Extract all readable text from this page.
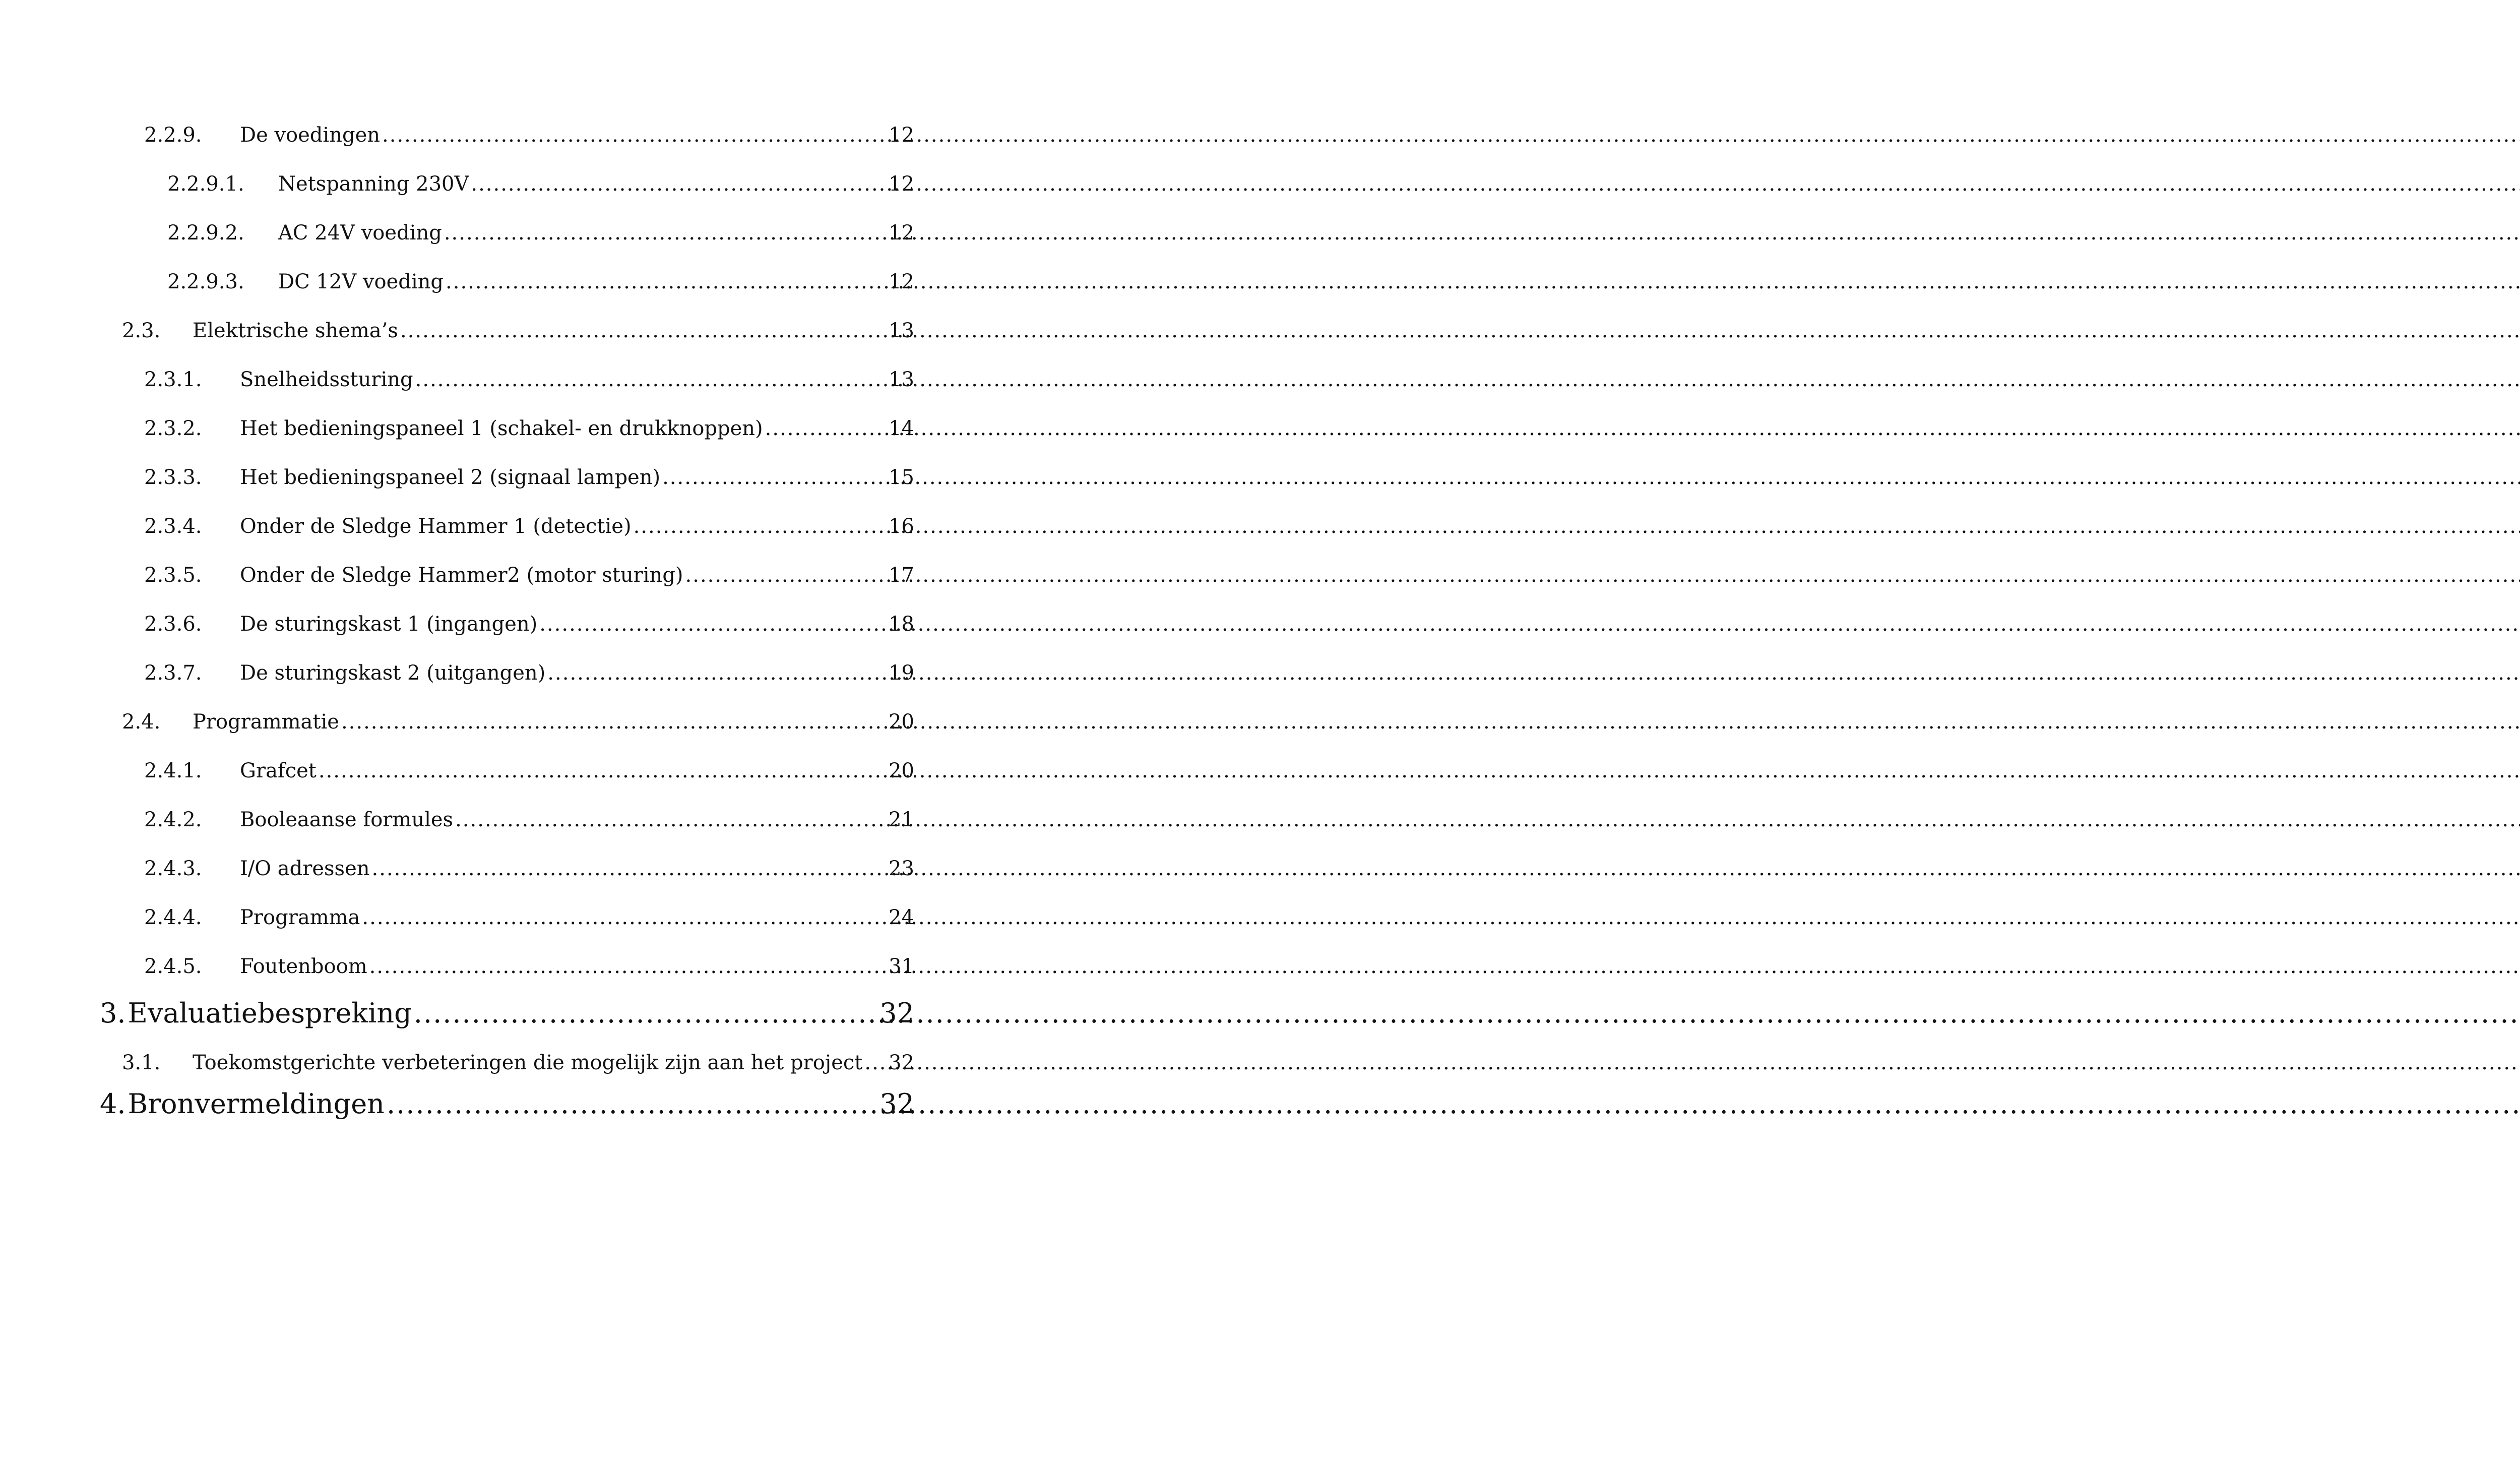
2.2.9.	De voedingen .....	12
2.2.9.1.	Netspanning 230V .....	12
2.2.9.2.	AC 24V voeding .....	12
2.2.9.3.	DC 12V voeding .....	12
2.3.	Elektrische shema’s .....	13
2.3.1.	Snelheidssturing .....	13
2.3.2.	Het bedieningspaneel 1 (schakel- en drukknoppen) .....	14
2.3.3.	Het bedieningspaneel 2 (signaal lampen) .....	15
2.3.4.	Onder de Sledge Hammer 1 (detectie) .....	16
2.3.5.	Onder de Sledge Hammer2 (motor sturing) .....	17
2.3.6.	De sturingskast 1 (ingangen) .....	18
2.3.7.	De sturingskast 2 (uitgangen) .....	19
2.4.	Programmatie .....	20
2.4.1.	Grafcet .....	20
2.4.2.	Booleaanse formules .....	21
2.4.3.	I/O adressen .....	23
2.4.4.	Programma .....	24
2.4.5.	Foutenboom .....	31
3. Evaluatiebespreking .....	32
3.1.	Toekomstgerichte verbeteringen die mogelijk zijn aan het project ..... 32
4. Bronvermeldingen .....	32
